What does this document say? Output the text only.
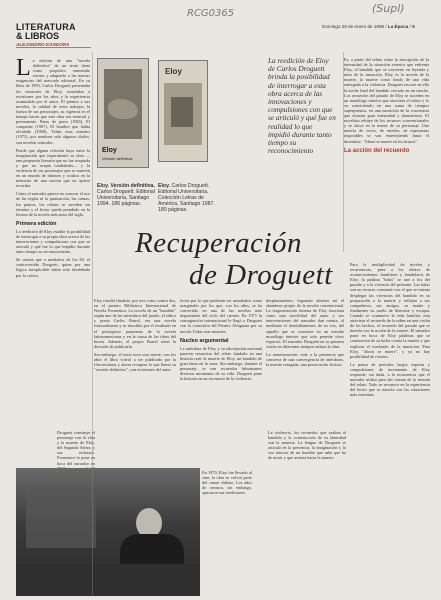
RCG0365	(Supl)
Domingo 29 de enero de 1995 / La Época / 5
LITERATURA
& LIBROS
ALEJANDRO KANDORA
L a edición de una "novela definitiva" de un texto tiene como propósito enmendar errores y adaptarlo a las nuevas exigencias del mercado editorial. En su libro de 1993, Carlos Droguett presentaba las versiones de Eloy, sometidas a revisiones por los años y la experiencia acumulada por el autor. El premio a sus novelas, la calidad de estos trabajos, la fuerza de sus personajes, su vigencia en el tiempo hacen que esta obra sea esencial y permanente. Patas de perro (1965), El compadre (1967), El hombre que había olvidado (1968), Todas esas muertes (1971), por nombrar solo algunos títulos, son novelas centrales.
Puede que alguna relación haya entre la imaginación que experimentó su obra —una propuesta literaria que no fue aceptada y que no acepta totalidades— y la violencia de sus personajes que se mueven en un mundo de infames y ocultos en la memoria de una nación que no quiere recordar.
Cómo el narrador parece no conocer el uso de las reglas ni la puntuación, las comas, los puntos, los relatos se suceden sin término y el lector queda prendado en la lectura de la novela más atroz del siglo.
Primera edición
La reedición de Eloy estable la posibilidad de interrogar a su propia obra acerca de las innovaciones y compulsiones con que se articuló y qué fue lo que impidió durante tanto tiempo su reconocimiento.
Se cuenta que a mediados de los 60, el controvertido Droguett, quien por una lógica inexplicable había sido desdeñado por la crítica.
Eloy
Versión definitiva
Eloy
Eloy. Versión definitiva. Carlos Droguett. Editorial Universitaria, Santiago 1994. 186 páginas.
Eloy. Carlos Droguett. Editorial Universitaria. Colección Letras de América. Santiago 1987. 180 páginas.
La reedición de Eloy de Carlos Droguett brinda la posibilidad de interrogar a esta obra acerca de las innovaciones y compulsiones con que se articuló y qué fue en realidad lo que impidió durante tanto tiempo su reconocimiento
Es, a partir del relato sobre la inscripción de la intensidad de la situación exterior que enfrenta Eloy, el bandido que se convierte en leyenda y mito de la narración. Eloy es la novela de la muerte, la muerte como fondo de una vida entregada a la violencia. Droguett recorre en ella la noche final del bandido cercado en un rancho. Los recuerdos del pasado de Eloy se suceden en un monólogo interior que atraviesa el relato y lo va convirtiendo en una suma de tiempos superpuestos, en una narración de la conciencia que alcanza gran intensidad y dramatismo. El novelista rehúye de los recursos convencionales y se ubica en la mente de su personaje. Una mezcla de voces, de miedos, de esperanzas imposibles se van entretejiendo hasta el desenlace. "Ahora se muere en los brazos".
La acción del recuerdo
Recuperación
de Droguett
Eloy resultó finalista, por tres votos contra dos, en el premio Biblioteca Internacional de Novela Formentor. La novela de un "bandido" según uno de los miembros del jurado, el editor y poeta Carlos Barral, era una novela extraordinaria y se inscribía por el resultado en el prestigioso panorama de la novela latinoamericana y en la causa de las ideas del boom. Además, el propio Barral tomó la decisión de publicarla.
Sin embargo, el texto tuvo otra suerte; con los años el libro volvió a ser publicado por la Universitaria y ahora recupera lo que llamó su "versión definitiva", con revisiones del autor.
ficios por lo que pudieran ser asimilados como marginales por los que, con los años, se ha convertido en una de las novelas más importantes del ciclo del crimen. En 1971 la consagración internacional le llegó a Droguett con la concesión del Premio Alfaguara por su novela Todas esas muertes.
Nucleo argumental
La anécdota de Eloy y su adscripción nacional parecen resuscitar del relato fundado en una historia real: la muerte de Eloy, un bandido de gran fama en la zona. Sin embargo, durante el personaje, se van recuerdos fulminantes diversos momentos de su vida. Droguett pone la historia en un escenario de la violencia.
desplazamiento, logrando obtener así el abandono propio de la novela convencional. La fragmentación intensa de Eloy funciona como una movilidad del autor y sus intervenciones del narrador dan cuenta, al mediante el desdoblamiento de su voz, del aquello que se convierte en un extraño monólogo interior que solo permite otros espacios. El narrador Droguett en su primera visión en diferentes tiempos enlaza la obra.
La rememoración cede a la presencia que conserva de una convergencia de anécdotas, la muerte rezagada, una persecución ficticia.
Para la multiplicidad de niveles y recurrencias, pues a los relatos de acontecimientos familiares y bandoleros de Eloy, la palabra "balas" se une a los del pasado y a la vivencia del presente. Las balas son un recurso constante con el que se intenta desplegar las vivencias del bandido en su preparación a la muerte y reflejan a sus compañeros, sus amigos, su madre y finalmente su sueño de liberarse y escapar. Cuando se conmueve la vida familiar, esta atraviesa el recuerdo de la niñez en una visión de los hechos, el recuerdo del pasado que se mezcla con la acción de la muerte. El narrador pone en boca de Eloy palabras que se conmueven de su lucha contra la muerte y que explican el trasfondo de la narración. Para Eloy, "ahora se muere", y ya no hay posibilidad de retorno.
La pausa de períodos largos expresa y compulsiones de incremento de Eloy responde, sin duda, a la recurrencia que el narrador utiliza para dar cuenta de la tensión del relato. Todo se reconoce en la experiencia del lector que se mezcla con las situaciones más extremas.
Droguett construye el personaje con la vida y la muerte de Eloy, del Segundo Sierra, y sus rechazos. Formentor lo pone en boca del narrador en
En 1970, Eloy fue llevado al cine; la obra se volvió parte del canon chileno. Los años de censura, sin embargo, opacaron sus reediciones.
La violencia, los recuerdos que asaltan al bandido y la construcción de su identidad son la materia. La lengua de Droguett se articula en la presencia, la imaginación y la voz interior de un hombre que sabe que ha de morir y que avanza hacia la muerte.
